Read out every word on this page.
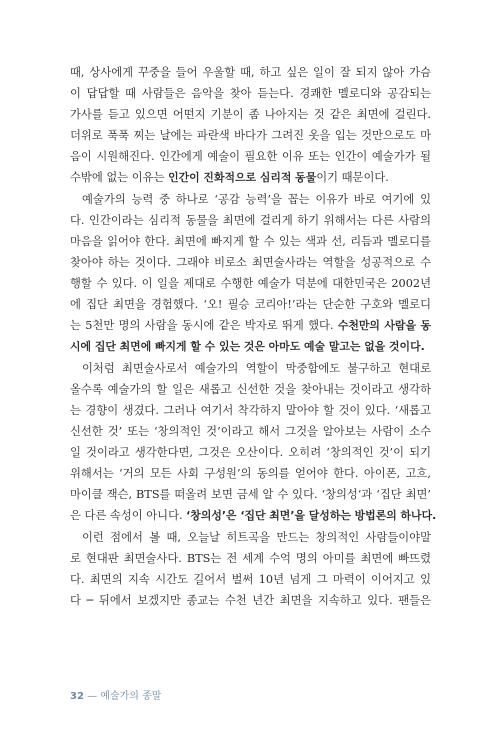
때, 상사에게 꾸중을 들어 우울할 때, 하고 싶은 일이 잘 되지 않아 가슴
이 답답할 때 사람들은 음악을 찾아 듣는다. 경쾌한 멜로디와 공감되는
가사를 듣고 있으면 어떤지 기분이 좀 나아지는 것 같은 최면에 걸린다.
더위로 푹푹 찌는 날에는 파란색 바다가 그려진 옷을 입는 것만으로도 마
음이 시원해진다. 인간에게 예술이 필요한 이유 또는 인간이 예술가가 될
수밖에 없는 이유는 인간이 진화적으로 심리적 동물이기 때문이다.
예술가의 능력 중 하나로 ‘공감 능력’을 꼽는 이유가 바로 여기에 있
다. 인간이라는 심리적 동물을 최면에 걸리게 하기 위해서는 다른 사람의
마음을 읽어야 한다. 최면에 빠지게 할 수 있는 색과 선, 리듬과 멜로디를
찾아야 하는 것이다. 그래야 비로소 최면술사라는 역할을 성공적으로 수
행할 수 있다. 이 일을 제대로 수행한 예술가 덕분에 대한민국은 2002년
에 집단 최면을 경험했다. ‘오! 필승 코리아!’라는 단순한 구호와 멜로디
는 5천만 명의 사람을 동시에 같은 박자로 뛰게 했다. 수천만의 사람을 동
시에 집단 최면에 빠지게 할 수 있는 것은 아마도 예술 말고는 없을 것이다.
이처럼 최면술사로서 예술가의 역할이 막중함에도 불구하고 현대로
올수록 예술가의 할 일은 새롭고 신선한 것을 찾아내는 것이라고 생각하
는 경향이 생겼다. 그러나 여기서 착각하지 말아야 할 것이 있다. ‘새롭고
신선한 것’ 또는 ‘창의적인 것’이라고 해서 그것을 알아보는 사람이 소수
일 것이라고 생각한다면, 그것은 오산이다. 오히려 ‘창의적인 것’이 되기
위해서는 ‘거의 모든 사회 구성원’의 동의를 얻어야 한다. 아이폰, 고흐,
마이클 잭슨, BTS를 떠올려 보면 금세 알 수 있다. ‘창의성’과 ‘집단 최면’
은 다른 속성이 아니다. ‘창의성’은 ‘집단 최면’을 달성하는 방법론의 하나다.
이런 점에서 볼 때, 오늘날 히트곡을 만드는 창의적인 사람들이야말
로 현대판 최면술사다. BTS는 전 세계 수억 명의 아미를 최면에 빠뜨렸
다. 최면의 지속 시간도 길어서 벌써 10년 넘게 그 마력이 이어지고 있
다 ─ 뒤에서 보겠지만 종교는 수천 년간 최면을 지속하고 있다. 팬들은
32 — 예술가의 종말
